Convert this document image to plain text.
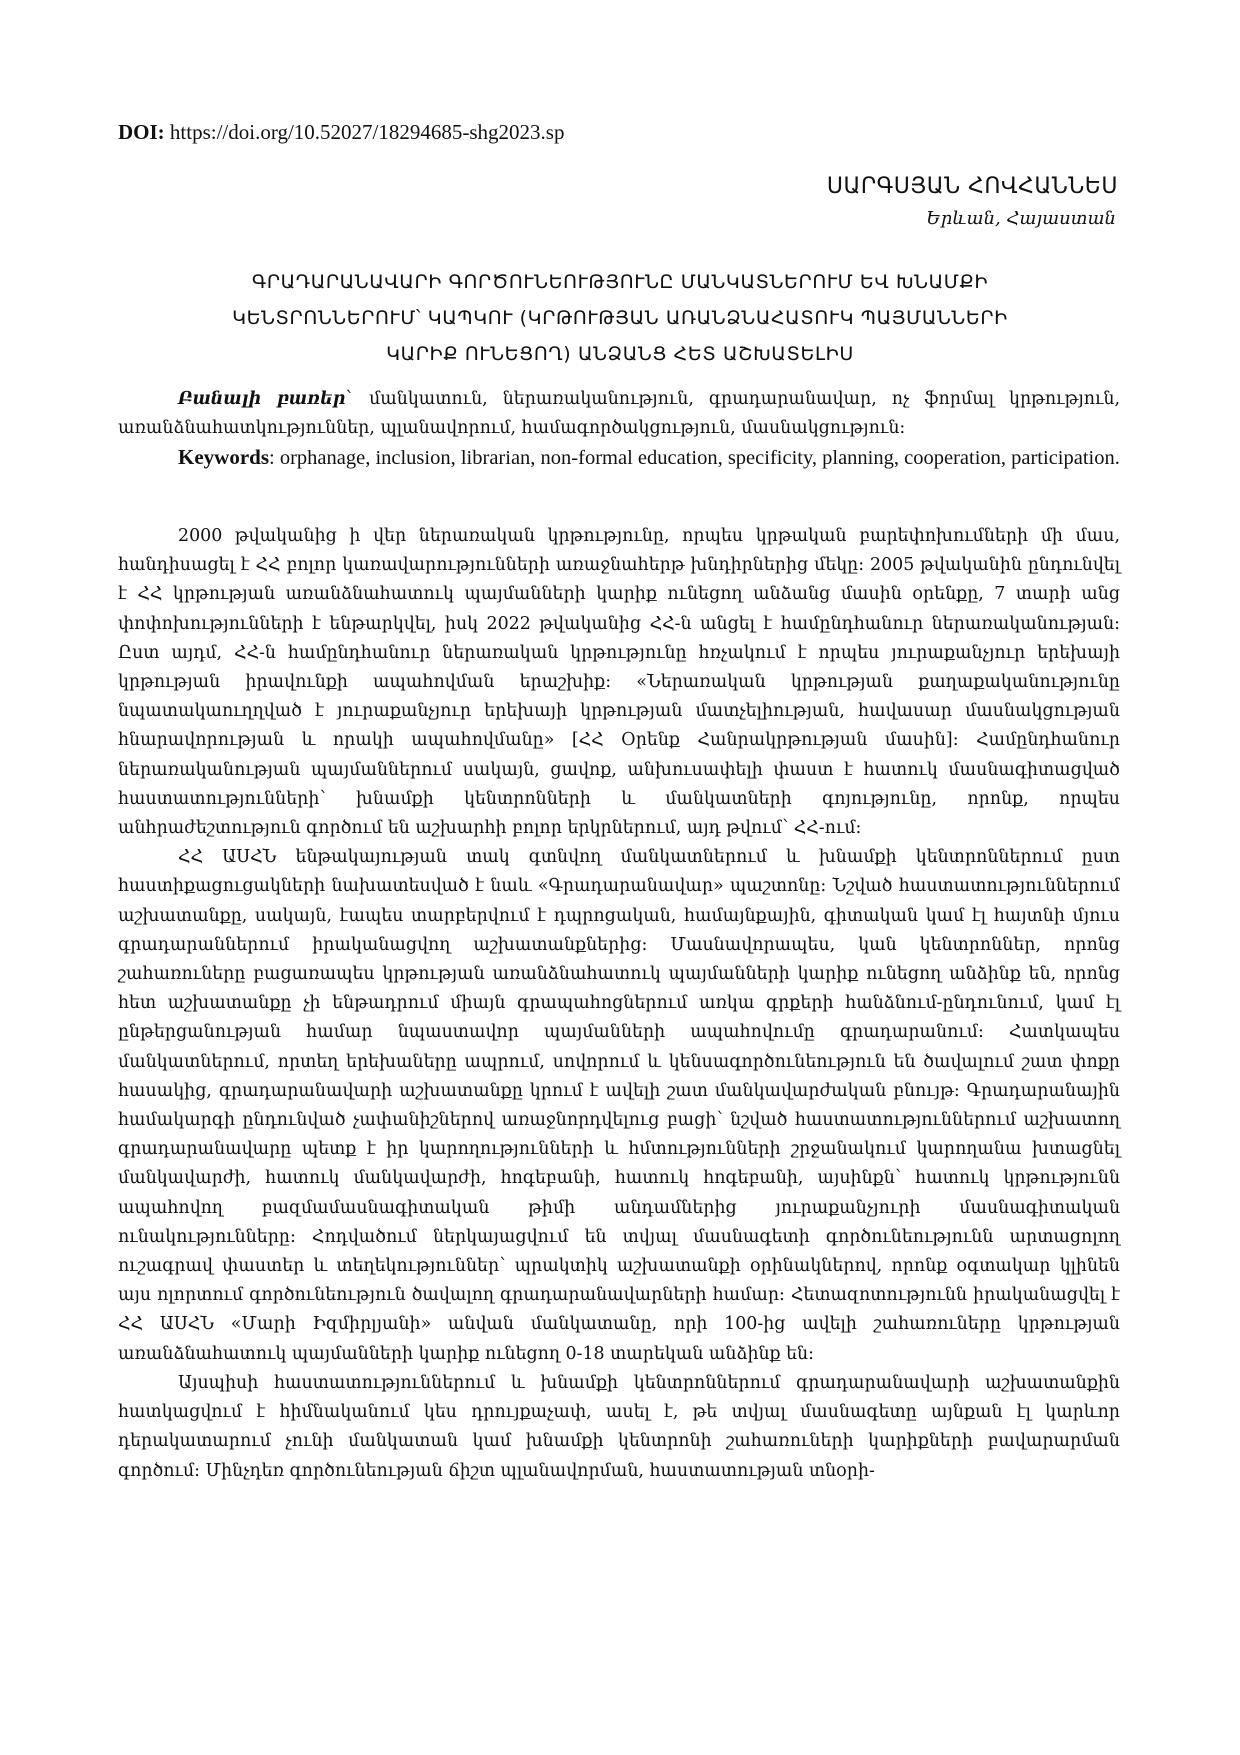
DOI: https://doi.org/10.52027/18294685-shg2023.sp
ՍԱՐԳՍՅԱՆ ՀՈՎՀԱՆՆԵՍ
Երևան, Հայաստան
ԳՐԱԴԱՐԱՆԱՎԱՐԻ ԳՈՐԾՈՒՆԵՈՒԹՅՈՒՆԸ ՄԱՆԿԱՏՆԵՐՈՒՄ ԵՎ ԽՆԱՄՔԻ
ԿԵՆՏՐՈՆՆԵՐՈՒՄ՝ ԿԱՊԿՈՒ (ԿՐԹՈՒԹՅԱՆ ԱՌԱՆՁՆԱՀԱՏՈՒԿ ՊԱՅՄԱՆՆԵՐԻ
ԿԱՐԻՔ ՈՒՆԵՑՈՂ) ԱՆՁԱՆՑ ՀԵՏ ԱՇԽԱՏԵԼԻՍ

Բանալի բառեր` մանկատուն, ներառականություն, գրադարանավար, ոչ ֆորմալ կրթություն, առանձնահատկություններ, պլանավորում, համագործակցություն, մասնակցություն:

Keywords: orphanage, inclusion, librarian, non-formal education, specificity, planning, cooperation, participation.

2000 թվականից ի վեր ներառական կրթությունը, որպես կրթական բարեփոխումների մի մաս, հանդիսացել է ՀՀ բոլոր կառավարությունների առաջնահերթ խնդիրներից մեկը: 2005 թվականին ընդունվել է ՀՀ կրթության առանձնահատուկ պայմանների կարիք ունեցող անձանց մասին օրենքը, 7 տարի անց փոփոխությունների է ենթարկվել, իսկ 2022 թվականից ՀՀ-ն անցել է համընդհանուր ներառականության: Ըստ այդմ, ՀՀ-ն համընդհանուր ներառական կրթությունը հռչակում է որպես յուրաքանչյուր երեխայի կրթության իրավունքի ապահովման երաշխիք: «Ներառական կրթության քաղաքականությունը նպատակաուղղված է յուրաքանչյուր երեխայի կրթության մատչելիության, հավասար մասնակցության հնարավորության և որակի ապահովմանը» [ՀՀ Օրենք Հանրակրթության մասին]: Համընդհանուր ներառականության պայմաններում սակայն, ցավոք, անխուսափելի փաստ է հատուկ մասնագիտացված հաստատությունների՝ խնամքի կենտրոնների և մանկատների գոյությունը, որոնք, որպես անհրաժեշտություն գործում են աշխարհի բոլոր երկրներում, այդ թվում՝ ՀՀ-ում:

ՀՀ ԱՍՀՆ ենթակայության տակ գտնվող մանկատներում և խնամքի կենտրոններում ըստ հաստիքացուցակների նախատեսված է նաև «Գրադարանավար» պաշտոնը: Նշված հաստատություններում աշխատանքը, սակայն, էապես տարբերվում է դպրոցական, համայնքային, գիտական կամ էլ հայտնի մյուս գրադարաններում իրականացվող աշխատանքներից: Մասնավորապես, կան կենտրոններ, որոնց շահառուները բացառապես կրթության առանձնահատուկ պայմանների կարիք ունեցող անձինք են, որոնց հետ աշխատանքը չի ենթադրում միայն գրապահոցներում առկա գրքերի հանձնում-ընդունում, կամ էլ ընթերցանության համար նպաստավոր պայմանների ապահովումը գրադարանում: Հատկապես մանկատներում, որտեղ երեխաները ապրում, սովորում և կենսագործունեություն են ծավալում շատ փոքր հասակից, գրադարանավարի աշխատանքը կրում է ավելի շատ մանկավարժական բնույթ: Գրադարանային համակարգի ընդունված չափանիշներով առաջնորդվելուց բացի՝ նշված հաստատություններում աշխատող գրադարանավարը պետք է իր կարողությունների և հմտությունների շրջանակում կարողանա խտացնել մանկավարժի, հատուկ մանկավարժի, հոգեբանի, հատուկ հոգեբանի, այսինքն՝ հատուկ կրթությունն ապահովող բազմամասնագիտական թիմի անդամներից յուրաքանչյուրի մասնագիտական ունակությունները: Հոդվածում ներկայացվում են տվյալ մասնագետի գործունեությունն արտացոլող ուշագրավ փաստեր և տեղեկություններ՝ պրակտիկ աշխատանքի օրինակներով, որոնք օգտակար կլինեն այս ոլորտում գործունեություն ծավալող գրադարանավարների համար: Հետազոտությունն իրականացվել է ՀՀ ԱՍՀՆ «Մարի Իզմիրլյանի» անվան մանկատանը, որի 100-ից ավելի շահառուները կրթության առանձնահատուկ պայմանների կարիք ունեցող 0-18 տարեկան անձինք են:

Այսպիսի հաստատություններում և խնամքի կենտրոններում գրադարանավարի աշխատանքին հատկացվում է հիմնականում կես դրույքաչափ, ասել է, թե տվյալ մասնագետը այնքան էլ կարևոր դերակատարում չունի մանկատան կամ խնամքի կենտրոնի շահառուների կարիքների բավարարման գործում: Մինչդեռ գործունեության ճիշտ պլանավորման, հաստատության տնօրի-
